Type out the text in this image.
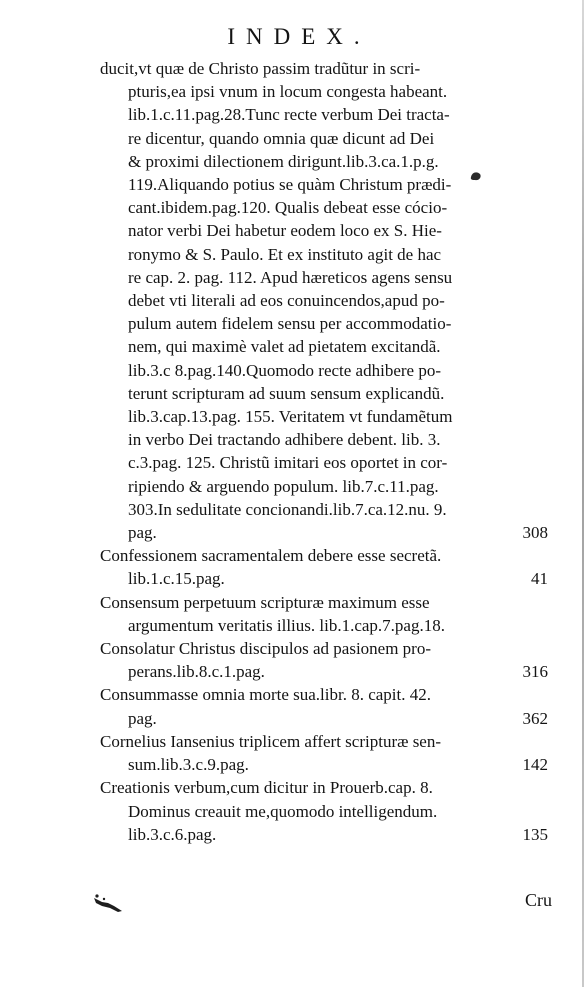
INDEX.
ducit,vt quæ de Christo passim tradũtur in scri-
pturis,ea ipsi vnum in locum congesta habeant.
lib.1.c.11.pag.28.Tunc recte verbum Dei tracta-
re dicentur, quando omnia quæ dicunt ad Dei
& proximi dilectionem dirigunt.lib.3.ca.1.p.g.
119.Aliquando potius se quàm Christum prædi-
cant.ibidem.pag.120. Qualis debeat esse cócio-
nator verbi Dei habetur eodem loco ex S. Hie-
ronymo & S. Paulo. Et ex instituto agit de hac
re cap. 2. pag. 112. Apud hæreticos agens sensu
debet vti literali ad eos conuincendos,apud po-
pulum autem fidelem sensu per accommodatio-
nem, qui maximè valet ad pietatem excitandã.
lib.3.c 8.pag.140.Quomodo recte adhibere po-
terunt scripturam ad suum sensum explicandũ.
lib.3.cap.13.pag. 155. Veritatem vt fundamẽtum
in verbo Dei tractando adhibere debent. lib. 3.
c.3.pag. 125. Christũ imitari eos oportet in cor-
ripiendo & arguendo populum. lib.7.c.11.pag.
303.In sedulitate concionandi.lib.7.ca.12.nu. 9.
pag.	308
Confessionem sacramentalem debere esse secretã.
lib.1.c.15.pag.	41
Consensum perpetuum scripturæ maximum esse
argumentum veritatis illius. lib.1.cap.7.pag.18.
Consolatur Christus discipulos ad pasionem pro-
perans.lib.8.c.1.pag.	316
Consummasse omnia morte sua.libr. 8. capit. 42.
pag.	362
Cornelius Iansenius triplicem affert scripturæ sen-
sum.lib.3.c.9.pag.	142
Creationis verbum,cum dicitur in Prouerb.cap. 8.
Dominus creauit me,quomodo intelligendum.
lib.3.c.6.pag.	135
Cru
